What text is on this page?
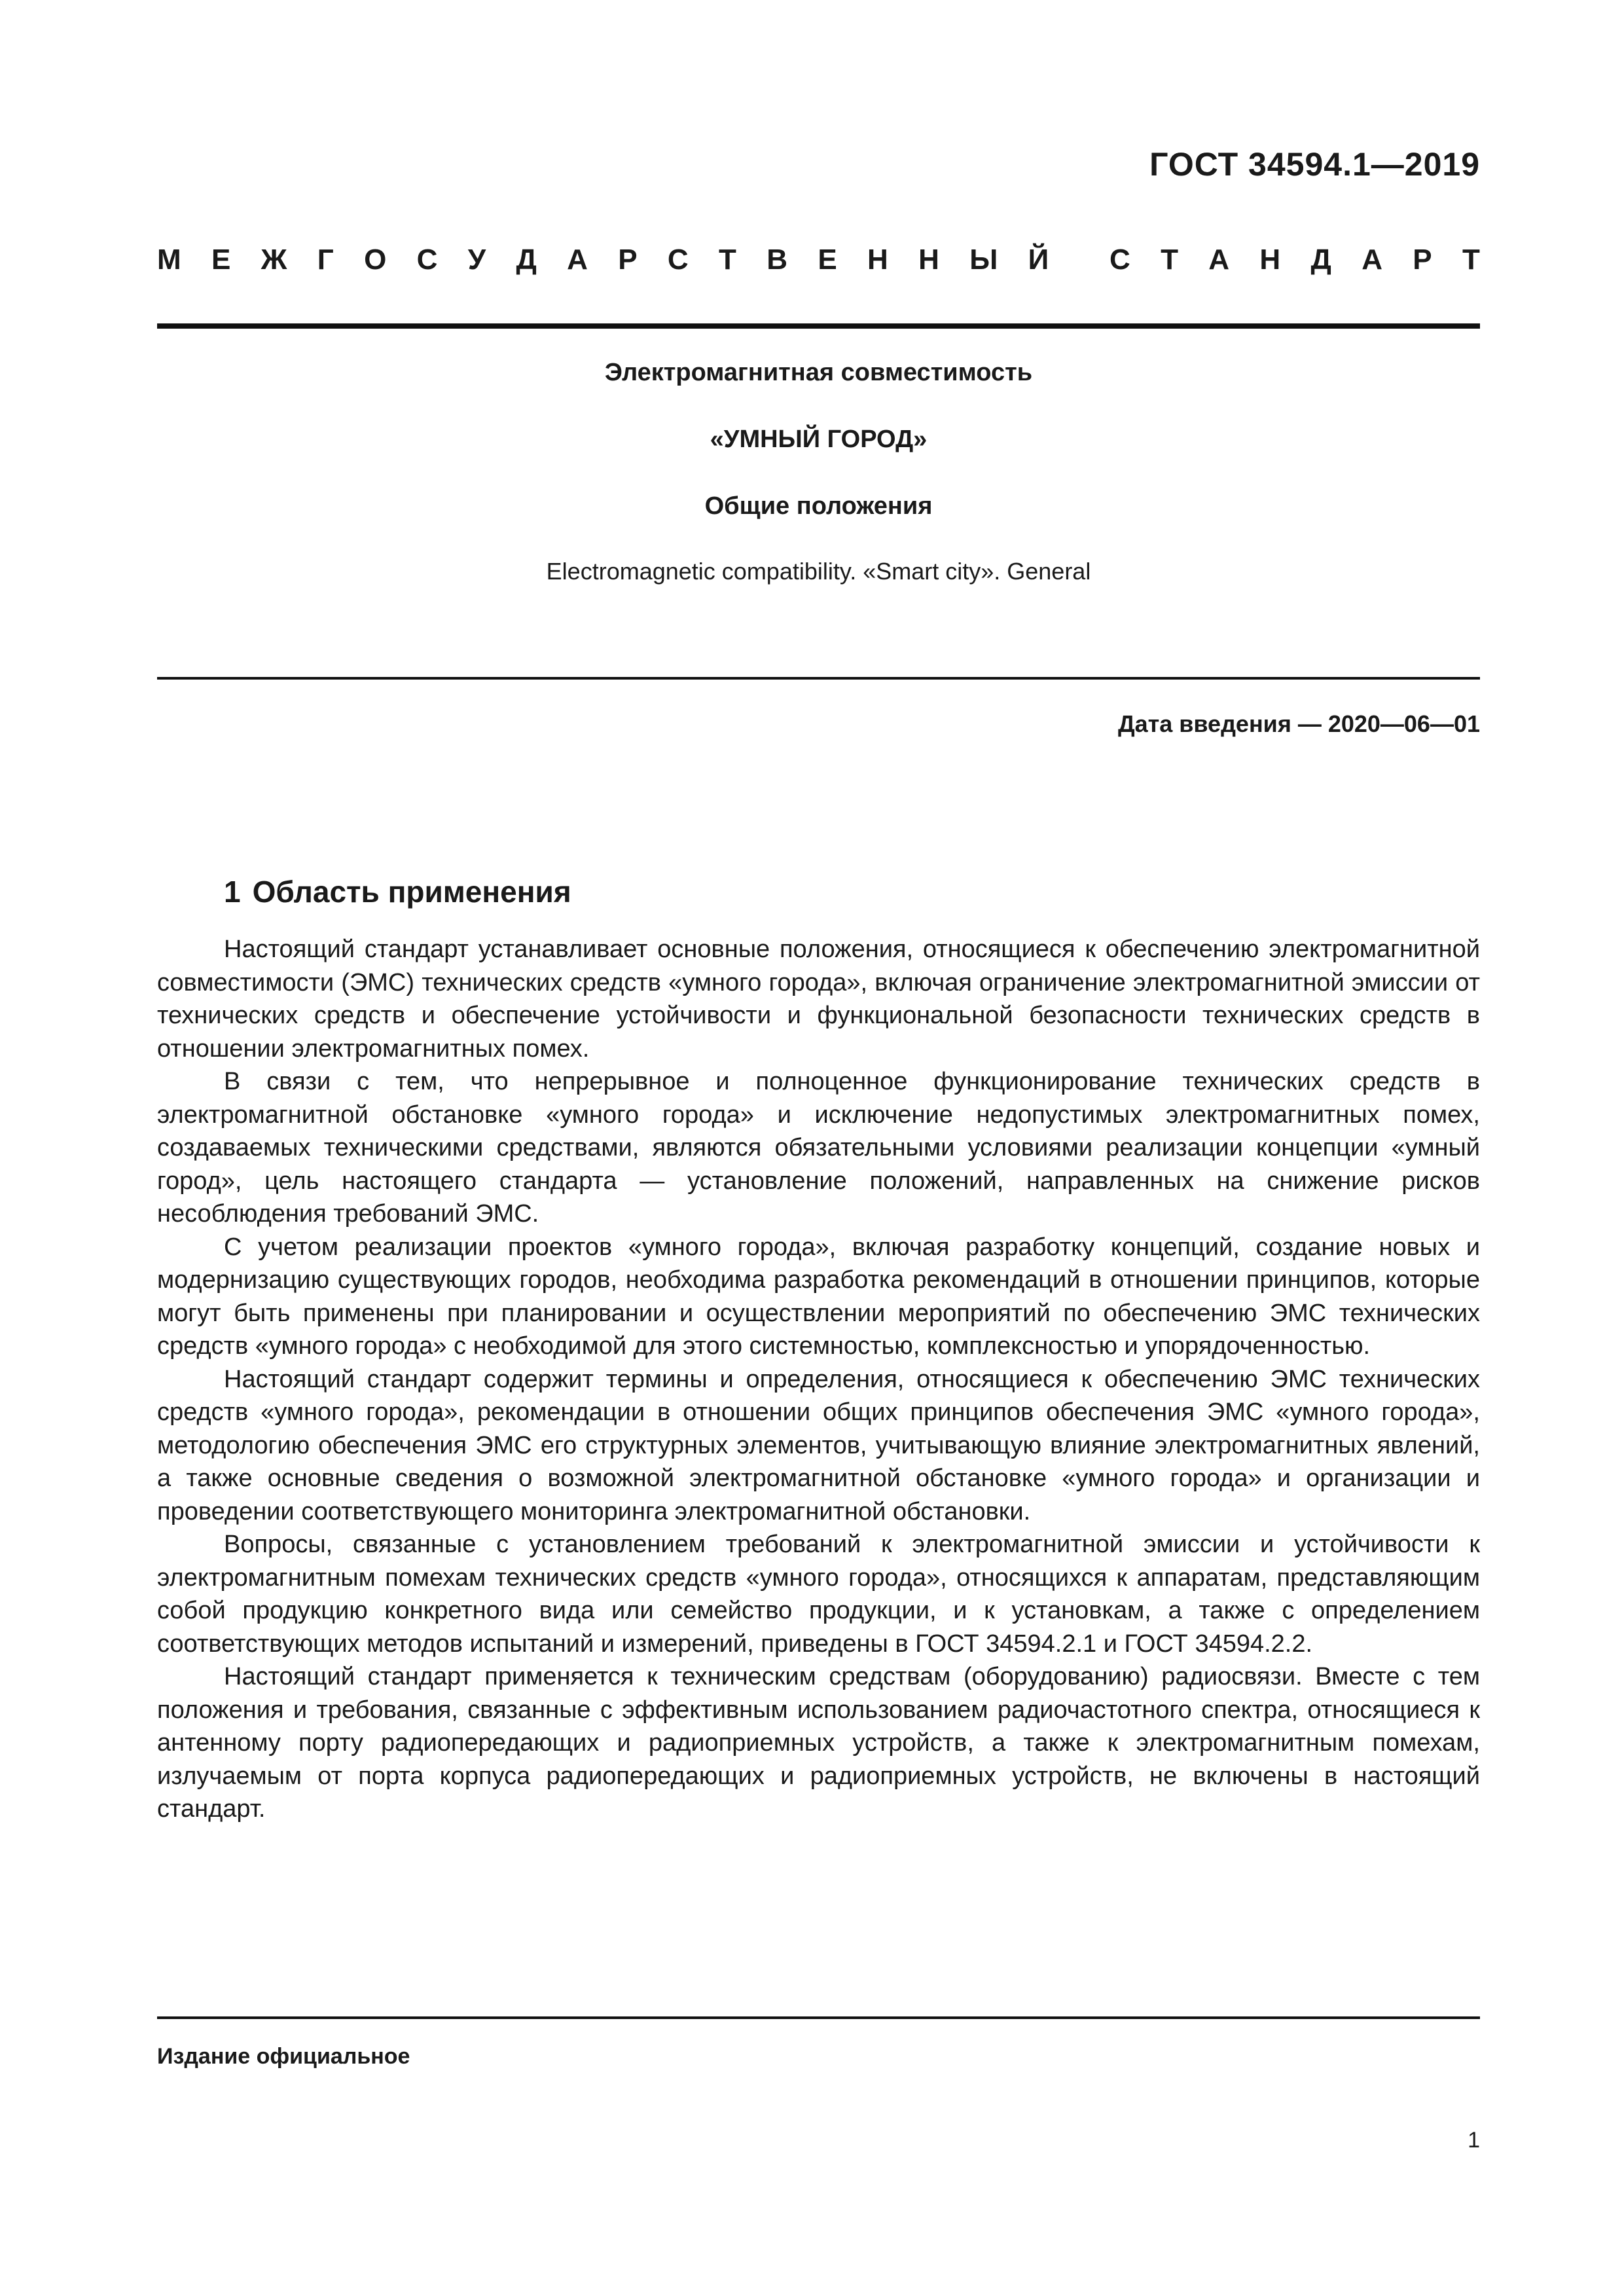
ГОСТ 34594.1—2019
М Е Ж Г О С У Д А Р С Т В Е Н Н Ы Й С Т А Н Д А Р Т
Электромагнитная совместимость
«УМНЫЙ ГОРОД»
Общие положения
Electromagnetic compatibility. «Smart city». General
Дата введения — 2020—06—01
1 Область применения

Настоящий стандарт устанавливает основные положения, относящиеся к обеспечению электромагнитной совместимости (ЭМС) технических средств «умного города», включая ограничение электромагнитной эмиссии от технических средств и обеспечение устойчивости и функциональной безопасности технических средств в отношении электромагнитных помех.

В связи с тем, что непрерывное и полноценное функционирование технических средств в электромагнитной обстановке «умного города» и исключение недопустимых электромагнитных помех, создаваемых техническими средствами, являются обязательными условиями реализации концепции «умный город», цель настоящего стандарта — установление положений, направленных на снижение рисков несоблюдения требований ЭМС.

С учетом реализации проектов «умного города», включая разработку концепций, создание новых и модернизацию существующих городов, необходима разработка рекомендаций в отношении принципов, которые могут быть применены при планировании и осуществлении мероприятий по обеспечению ЭМС технических средств «умного города» с необходимой для этого системностью, комплексностью и упорядоченностью.

Настоящий стандарт содержит термины и определения, относящиеся к обеспечению ЭМС технических средств «умного города», рекомендации в отношении общих принципов обеспечения ЭМС «умного города», методологию обеспечения ЭМС его структурных элементов, учитывающую влияние электромагнитных явлений, а также основные сведения о возможной электромагнитной обстановке «умного города» и организации и проведении соответствующего мониторинга электромагнитной обстановки.

Вопросы, связанные с установлением требований к электромагнитной эмиссии и устойчивости к электромагнитным помехам технических средств «умного города», относящихся к аппаратам, представляющим собой продукцию конкретного вида или семейство продукции, и к установкам, а также с определением соответствующих методов испытаний и измерений, приведены в ГОСТ 34594.2.1 и ГОСТ 34594.2.2.

Настоящий стандарт применяется к техническим средствам (оборудованию) радиосвязи. Вместе с тем положения и требования, связанные с эффективным использованием радиочастотного спектра, относящиеся к антенному порту радиопередающих и радиоприемных устройств, а также к электромагнитным помехам, излучаемым от порта корпуса радиопередающих и радиоприемных устройств, не включены в настоящий стандарт.

Издание официальное
1
